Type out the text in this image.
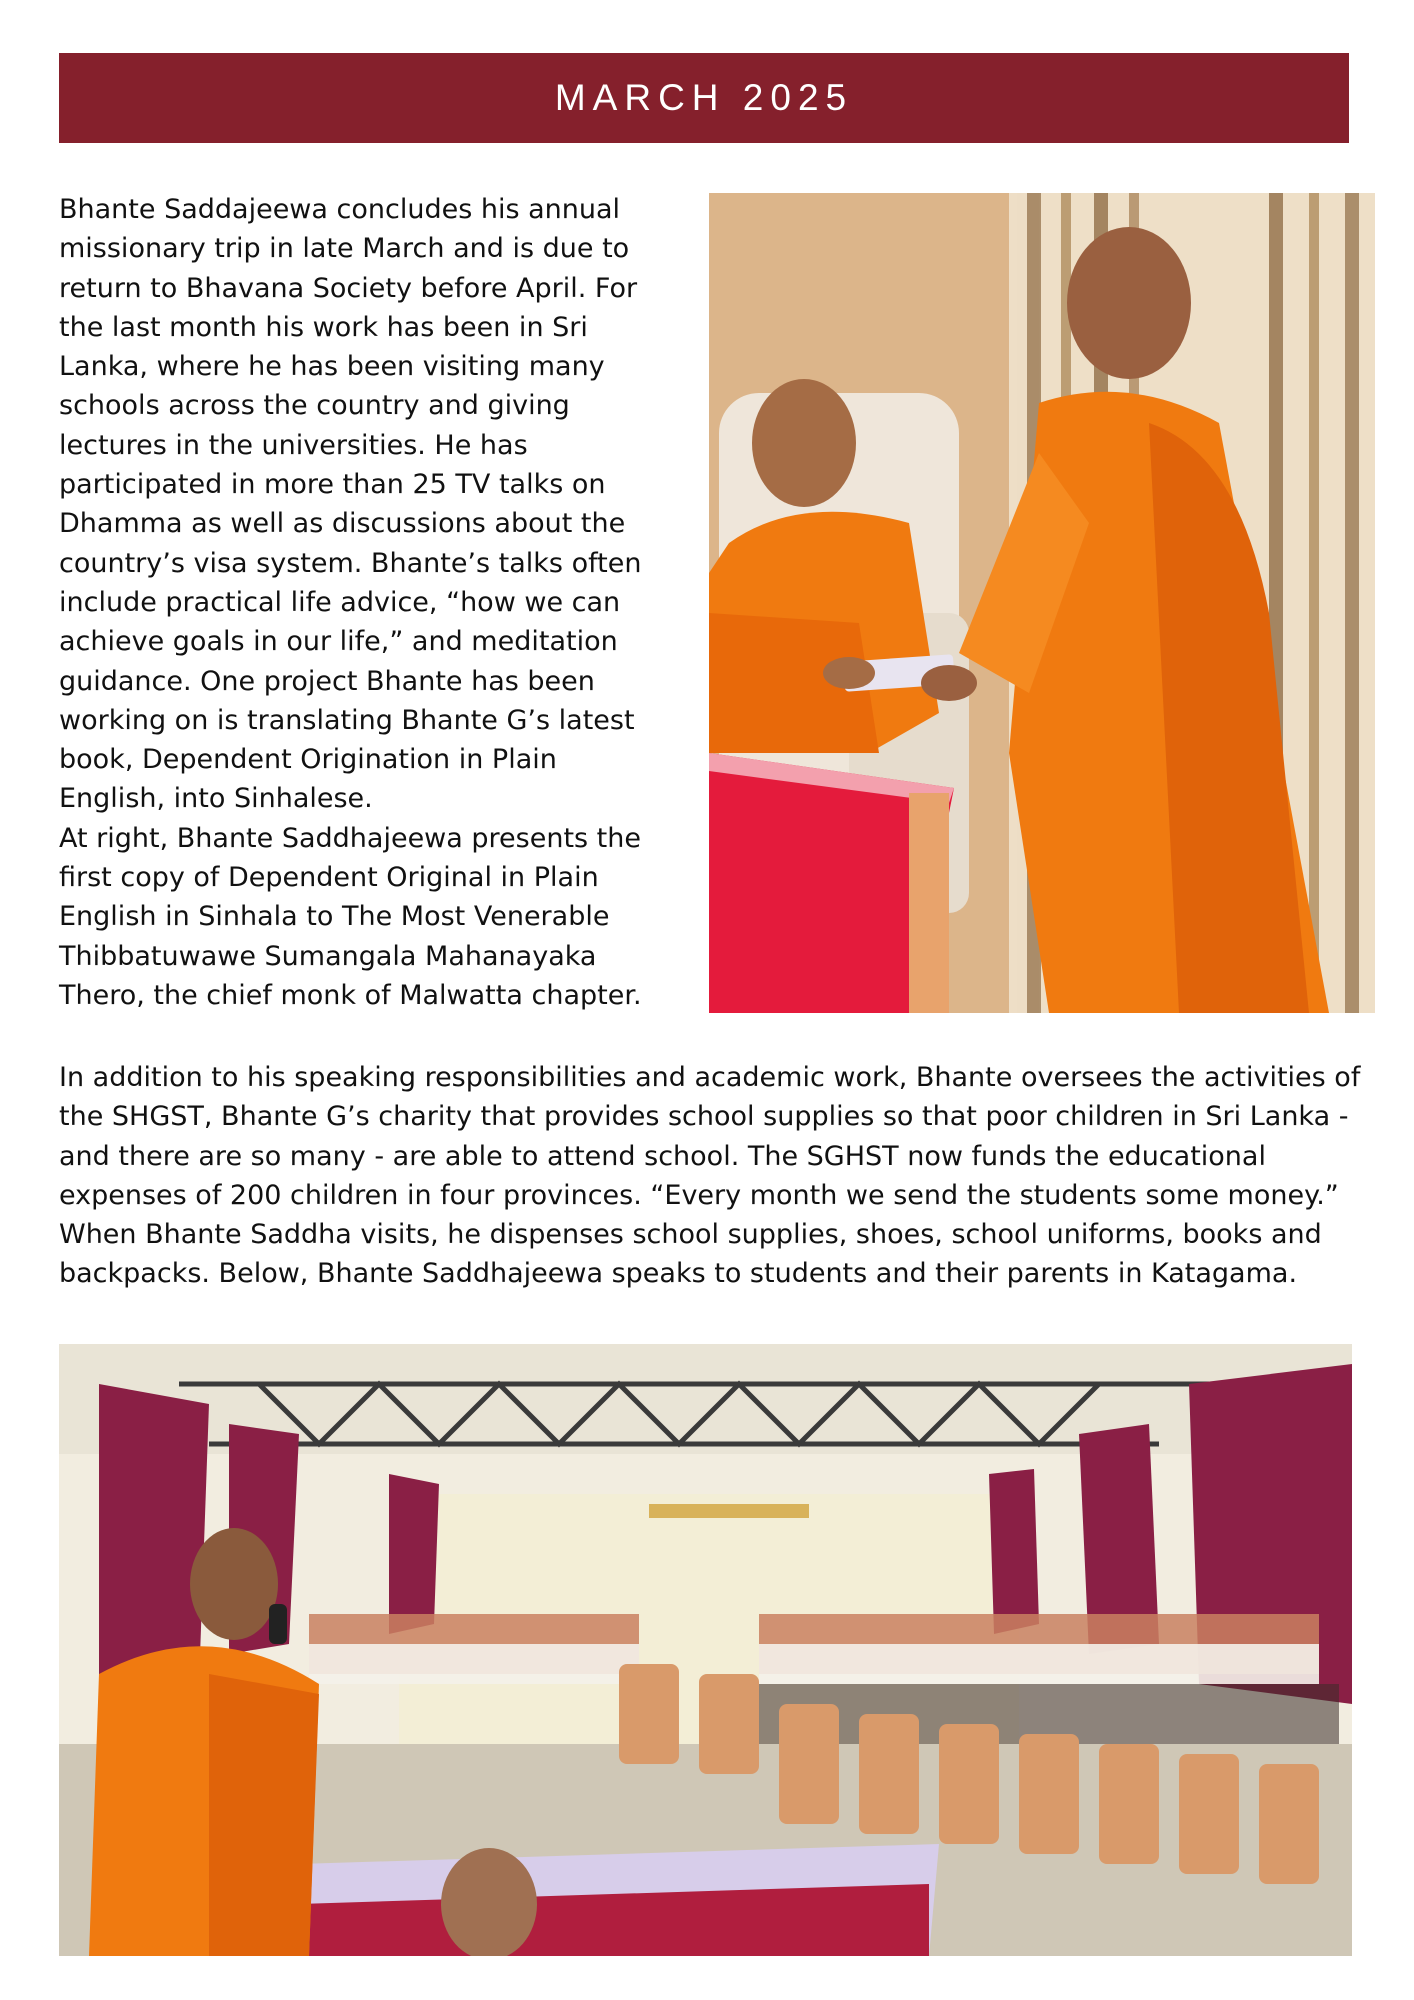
MARCH 2025
Bhante Saddajeewa concludes his annual
missionary trip in late March and is due to
return to Bhavana Society before April. For
the last month his work has been in Sri
Lanka, where he has been visiting many
schools across the country and giving
lectures in the universities. He has
participated in more than 25 TV talks on
Dhamma as well as discussions about the
country’s visa system. Bhante’s talks often
include practical life advice, “how we can
achieve goals in our life,” and meditation
guidance. One project Bhante has been
working on is translating Bhante G’s latest
book, Dependent Origination in Plain
English, into Sinhalese.
At right, Bhante Saddhajeewa presents the
first copy of Dependent Original in Plain
English in Sinhala to The Most Venerable
Thibbatuwawe Sumangala Mahanayaka
Thero, the chief monk of Malwatta chapter.
In addition to his speaking responsibilities and academic work, Bhante oversees the activities of
the SHGST, Bhante G’s charity that provides school supplies so that poor children in Sri Lanka -
and there are so many - are able to attend school. The SGHST now funds the educational
expenses of 200 children in four provinces. “Every month we send the students some money.”
When Bhante Saddha visits, he dispenses school supplies, shoes, school uniforms, books and
backpacks. Below, Bhante Saddhajeewa speaks to students and their parents in Katagama.
